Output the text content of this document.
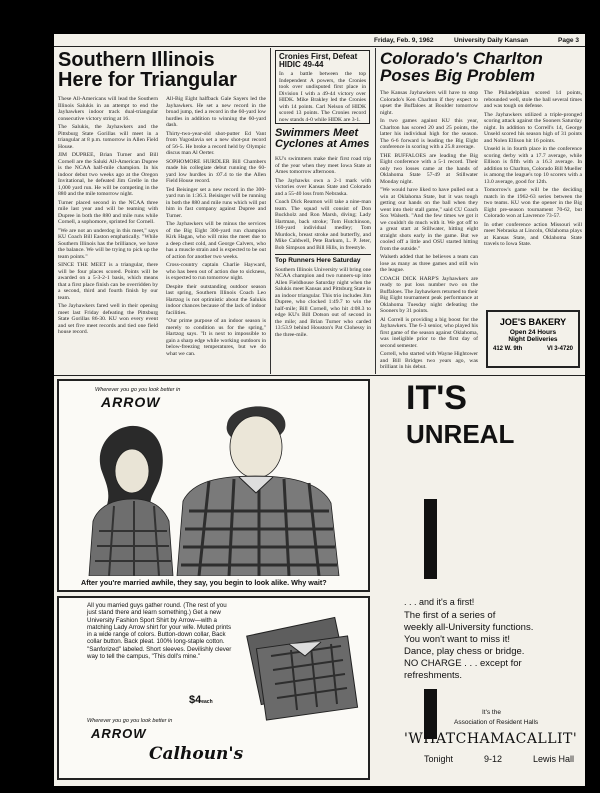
Friday, Feb. 9, 1962	University Daily Kansan	Page 3

Southern Illinois

Here for Triangular

These All-Americans will lead the Southern Illinois Salukis in an attempt to end the Jayhawkers indoor track dual-triangular consecutive victory string at 16.

The Salukis, the Jayhawkers and the Pittsburg State Gorillas will meet in a triangular at 8 p.m. tomorrow in Allen Field House.

JIM DUPREE, Brian Turner and Bill Cornell are the Saluki All-American Dupree is the NCAA half-mile champion. In his indoor debut two weeks ago at the Oregon Invitational, he defeated Jim Grelle in the 1,000 yard run. He will be competing in the 880 and the mile tomorrow night.

Turner placed second in the NCAA three mile last year and will be teaming with Dupree in both the 880 and mile runs while Cornell, a sophomore, sprinted for Cornell.

"We are not an underdog in this meet," says KU Coach Bill Easton emphatically. "While Southern Illinois has the brilliance, we have the balance. We will be trying to pick up the team points."

SINCE THE MEET is a triangular, there will be four places scored. Points will be awarded on a 5-3-2-1 basis, which means that a first place finish can be overridden by a second, third and fourth finish by our team.

The Jayhawkers fared well in their opening meet last Friday defeating the Pittsburg State Gorillas 86-30. KU won every event and set five meet records and tied one field house record.

All-Big Eight halfback Gale Sayers led the Jayhawkers. He set a new record in the broad jump, tied a record in the 60-yard low hurdles in addition to winning the 60-yard dash.

Thirty-two-year-old shot-putter Ed Vant from Yugoslavia set a new shot-put record of 56-5. He broke a record held by Olympic discus man Al Oerter.

SOPHOMORE HURDLER Bill Chambers made his collegiate debut running the 60-yard low hurdles in :07.4 to tie the Allen Field House record.

Ted Beisinger set a new record in the 300-yard run in 1:36.3. Beisinger will be running in both the 880 and mile runs which will put him in fast company against Dupree and Turner.

The Jayhawkers will be minus the services of the Big Eight 300-yard run champion Kirk Hagan, who will miss the meet due to a deep chest cold, and George Calvers, who has a muscle strain and is expected to be out of action for another two weeks.

Cross-country captain Charlie Hayward, who has been out of action due to sickness, is expected to run tomorrow night.

Despite their outstanding outdoor season last spring, Southern Illinois Coach Leo Hartzog is not optimistic about the Salukis indoor chances because of the lack of indoor facilities.

"Our prime purpose of an indoor season is merely to condition us for the spring," Hartzog says. "It is next to impossible to gain a sharp edge while working outdoors in below-freezing temperatures, but we do what we can.

Cronies First, Defeat HIDIC 49-44

In a battle between the top Independent A powers, the Cronies took over undisputed first place in Division I with a 49-44 victory over HIDK. Mike Brakley led the Cronies with 14 points. Carl Nelson of HIDK scored 13 points. The Cronies record now stands 4-0 while HIDK are 3-1.

Swimmers Meet

Cyclones at Ames

KU's swimmers make their first road trip of the year when they meet Iowa State at Ames tomorrow afternoon.

The Jayhawks own a 2-1 mark with victories over Kansas State and Colorado and a 55-40 loss from Nebraska.

Coach Dick Reamon will take a nine-man team. The squad will consist of Don Buckholz and Ron Marsh, diving; Lady Hartman, back stroke; Tom Hutchinson, 160-yard individual medley; Tom Murdock, breast stroke and butterfly, and Mike Caldwell, Pete Barkum, L. P. Jeter, Bob Simpson and Bill Hills, in freestyle.

Top Runners Here Saturday

Southern Illinois University will bring one NCAA champion and two runners-up into Allen Fieldhouse Saturday night when the Salukis meet Kansas and Pittsburg State in an indoor triangular. This trio includes Jim Dupree, who clocked 1:49.7 to win the half-mile; Bill Cornell, who hit 4:08.3 to edge KU's Bill Dotson out of second in the mile; and Brian Turner who carded 13:53.9 behind Houston's Pat Clohessy in the three-mile.

Colorado's Charlton

Poses Big Problem

The Kansas Jayhawkers will have to stop Colorado's Ken Charlton if they expect to upset the Buffaloes at Boulder tomorrow night.

In two games against KU this year, Charlton has scored 20 and 25 points, the latter his individual high for the season. The 6-6 forward is leading the Big Eight conference in scoring with a 25.8 average.

THE BUFFALOES are leading the Big Eight conference with a 5-1 record. Their only two losses came at the hands of Oklahoma State 57-49 at Stillwater Monday night.

"We would have liked to have pulled out a win at Oklahoma State, but it was tough getting our hands on the ball when they went into their stall game," said CU Coach Sox Walseth. "And the few times we got it we couldn't do much with it. We got off to a great start at Stillwater, hitting eight straight shots early in the game. But we cooled off a little and OSU started hitting from the outside."

Walseth added that he believes a team can lose as many as three games and still win the league.

COACH DICK HARP'S Jayhawkers are ready to put loss number two on the Buffaloes. The Jayhawkers returned to their Big Eight tournament peak performance at Oklahoma Tuesday night defeating the Sooners by 31 points.

Al Correll is providing a big boost for the Jayhawkers. The 6-3 senior, who played his first game of the season against Oklahoma, was ineligible prior to the first day of second semester.

Correll, who started with Wayne Hightower and Bill Bridges two years ago, was brilliant in his debut.

The Philadelphian scored 14 points, rebounded well, stole the ball several times and was tough on defense.

The Jayhawkers utilized a triple-pronged scoring attack against the Sooners Saturday night. In addition to Correll's 14, George Unseld scored his season high of 31 points and Nolen Ellison hit 16 points.

Unseld is in fourth place in the conference scoring derby with a 17.7 average, while Ellison is fifth with a 16.3 average. In addition to Charlton, Colorado Bill Mueller is among the league's top 10 scorers with a 13.0 average, good for 12th.

Tomorrow's game will be the deciding match in the 1962-63 series between the two teams. KU won the opener in the Big Eight pre-season tournament 70-62, but Colorado won at Lawrence 73-57.

In other conference action Missouri will meet Nebraska at Lincoln, Oklahoma plays at Kansas State, and Oklahoma State travels to Iowa State.

JOE'S BAKERY
Open 24 Hours
Night Deliveries
412 W. 9th	VI 3-4720
Wherever you go you look better in
ARROW
After you're married awhile, they say, you begin to look alike. Why wait?

All you married guys gather round. (The rest of you just stand there and learn something.) Get a new University Fashion Sport Shirt by Arrow—with a matching Lady Arrow shirt for your wife. Muted prints in a wide range of colors. Button-down collar, Back collar button. Back pleat. 100% long-staple cotton. "Sanforized" labeled. Short sleeves. Devilishly clever way to tell the campus, "This doll's mine."

$4each
Wherever you go you look better in
ARROW
Calhoun's
IT'S
UNREAL
. . . and it's a first!
The first of a series of
weekly all-University functions.
You won't want to miss it!
Dance, play chess or bridge.
NO CHARGE . . . except for
refreshments.
It's the
Association of Resident Halls
'WHATCHAMACALLIT'
Tonight	9-12	Lewis Hall
